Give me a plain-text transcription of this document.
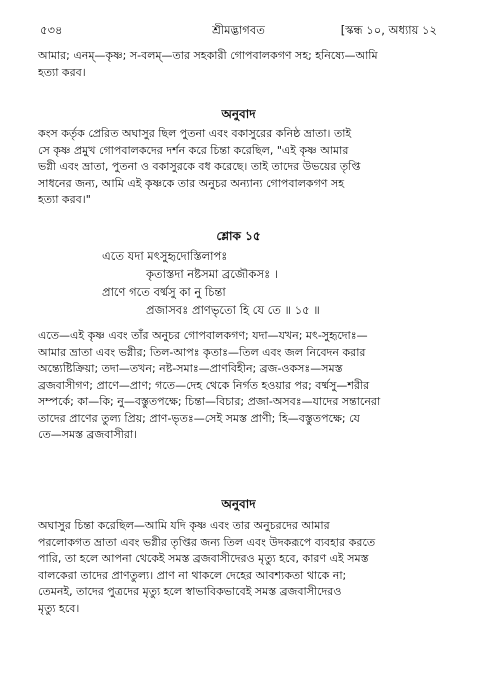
৫৩৪	শ্রীমদ্ভাগবত	[স্কন্ধ ১০, অধ্যায় ১২
আমার; এনম্—কৃষ্ণ; স-বলম্—তার সহকারী গোপবালকগণ সহ; হনিষ্যে—আমি
হত্যা করব।
অনুবাদ
কংস কর্তৃক প্রেরিত অঘাসুর ছিল পুতনা এবং বকাসুরের কনিষ্ঠ ভ্রাতা। তাই
সে কৃষ্ণ প্রমুখ গোপবালকদের দর্শন করে চিন্তা করেছিল, "এই কৃষ্ণ আমার
ভগ্নী এবং ভ্রাতা, পুতনা ও বকাসুরকে বধ করেছে। তাই তাদের উভয়ের তৃপ্তি
সাধনের জন্য, আমি এই কৃষ্ণকে তার অনুচর অন্যান্য গোপবালকগণ সহ
হত্যা করব।"
শ্লোক ১৫
এতে যদা মৎসুহৃদোস্তিলাপঃ
কৃতাস্তদা নষ্টসমা ব্রজৌকসঃ ।
প্রাণে গতে বর্ষ্মসু কা নু চিন্তা
প্রজাসবঃ প্রাণভৃতো হি যে তে ॥ ১৫ ॥
এতে—এই কৃষ্ণ এবং তাঁর অনুচর গোপবালকগণ; যদা—যখন; মৎ-সুহৃদোঃ—
আমার ভ্রাতা এবং ভগ্নীর; তিল-আপঃ কৃতাঃ—তিল এবং জল নিবেদন করার
অন্ত্যেষ্টিক্রিয়া; তদা—তখন; নষ্ট-সমাঃ—প্রাণবিহীন; ব্রজ-ওকসঃ—সমস্ত
ব্রজবাসীগণ; প্রাণে—প্রাণ; গতে—দেহ থেকে নির্গত হওয়ার পর; বর্ষ্মসু—শরীর
সম্পর্কে; কা—কি; নু—বস্তুতপক্ষে; চিন্তা—বিচার; প্রজা-অসবঃ—যাদের সন্তানেরা
তাদের প্রাণের তুল্য প্রিয়; প্রাণ-ভৃতঃ—সেই সমস্ত প্রাণী; হি—বস্তুতপক্ষে; যে
তে—সমস্ত ব্রজবাসীরা।
অনুবাদ
অঘাসুর চিন্তা করেছিল—আমি যদি কৃষ্ণ এবং তার অনুচরদের আমার
পরলোকগত ভ্রাতা এবং ভগ্নীর তৃপ্তির জন্য তিল এবং উদকরূপে ব্যবহার করতে
পারি, তা হলে আপনা থেকেই সমস্ত ব্রজবাসীদেরও মৃত্যু হবে, কারণ এই সমস্ত
বালকেরা তাদের প্রাণতুল্য। প্রাণ না থাকলে দেহের আবশ্যকতা থাকে না;
তেমনই, তাদের পুত্রদের মৃত্যু হলে স্বাভাবিকভাবেই সমস্ত ব্রজবাসীদেরও
মৃত্যু হবে।
